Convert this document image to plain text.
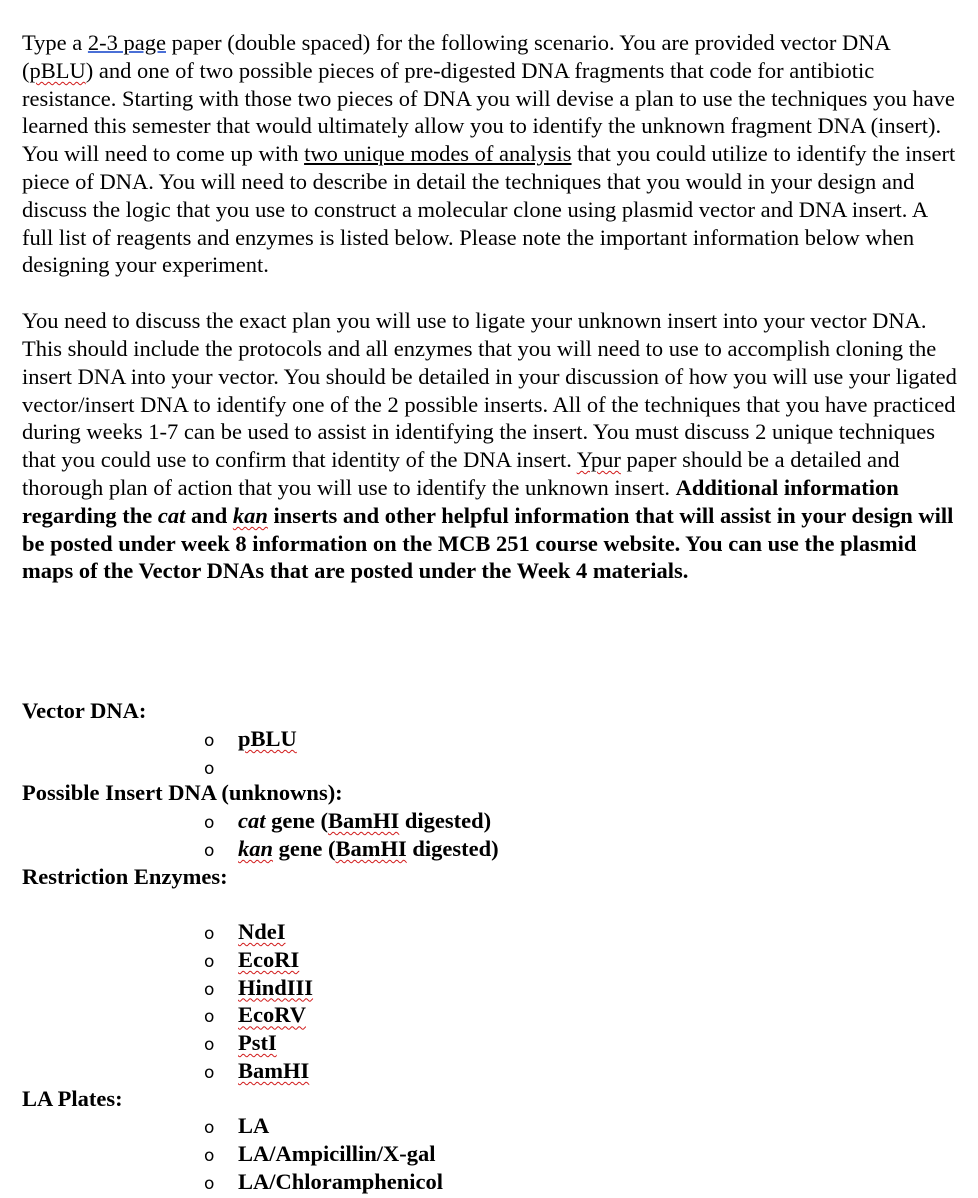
Type a 2-3 page paper (double spaced) for the following scenario. You are provided vector DNA (pBLU) and one of two possible pieces of pre-digested DNA fragments that code for antibiotic resistance. Starting with those two pieces of DNA you will devise a plan to use the techniques you have learned this semester that would ultimately allow you to identify the unknown fragment DNA (insert). You will need to come up with two unique modes of analysis that you could utilize to identify the insert piece of DNA. You will need to describe in detail the techniques that you would in your design and discuss the logic that you use to construct a molecular clone using plasmid vector and DNA insert. A full list of reagents and enzymes is listed below. Please note the important information below when designing your experiment.

You need to discuss the exact plan you will use to ligate your unknown insert into your vector DNA. This should include the protocols and all enzymes that you will need to use to accomplish cloning the insert DNA into your vector. You should be detailed in your discussion of how you will use your ligated vector/insert DNA to identify one of the 2 possible inserts. All of the techniques that you have practiced during weeks 1-7 can be used to assist in identifying the insert. You must discuss 2 unique techniques that you could use to confirm that identity of the DNA insert. Ypur paper should be a detailed and thorough plan of action that you will use to identify the unknown insert. Additional information regarding the cat and kan inserts and other helpful information that will assist in your design will be posted under week 8 information on the MCB 251 course website. You can use the plasmid maps of the Vector DNAs that are posted under the Week 4 materials.

Vector DNA:
o pBLU
o
Possible Insert DNA (unknowns):
o cat gene (BamHI digested)
o kan gene (BamHI digested)
Restriction Enzymes:
o NdeI
o EcoRI
o HindIII
o EcoRV
o PstI
o BamHI
LA Plates:
o LA
o LA/Ampicillin/X-gal
o LA/Chloramphenicol
